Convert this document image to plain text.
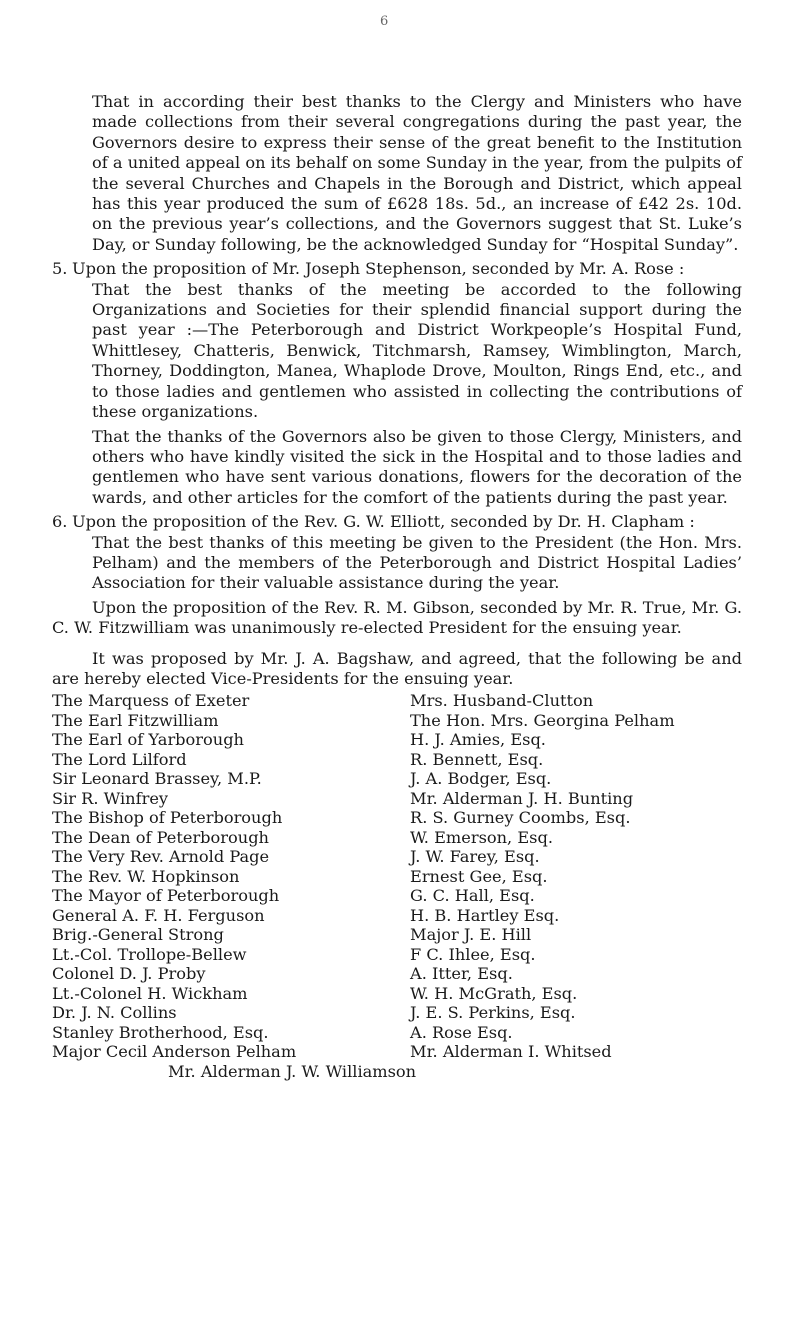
6

That in according their best thanks to the Clergy and Ministers who have made collections from their several congregations during the past year, the Governors desire to express their sense of the great benefit to the Institution of a united appeal on its behalf on some Sunday in the year, from the pulpits of the several Churches and Chapels in the Borough and District, which appeal has this year produced the sum of £628 18s. 5d., an increase of £42 2s. 10d. on the previous year’s collections, and the Governors suggest that St. Luke’s Day, or Sunday following, be the acknowledged Sunday for “Hospital Sunday”.

5. Upon the proposition of Mr. Joseph Stephenson, seconded by Mr. A. Rose :

That the best thanks of the meeting be accorded to the following Organizations and Societies for their splendid financial support during the past year :—The Peterborough and District Workpeople’s Hospital Fund, Whittlesey, Chatteris, Benwick, Titchmarsh, Ramsey, Wimblington, March, Thorney, Doddington, Manea, Whaplode Drove, Moulton, Rings End, etc., and to those ladies and gentlemen who assisted in collecting the contributions of these organizations.

That the thanks of the Governors also be given to those Clergy, Ministers, and others who have kindly visited the sick in the Hospital and to those ladies and gentlemen who have sent various donations, flowers for the decoration of the wards, and other articles for the comfort of the patients during the past year.

6. Upon the proposition of the Rev. G. W. Elliott, seconded by Dr. H. Clapham :

That the best thanks of this meeting be given to the President (the Hon. Mrs. Pelham) and the members of the Peterborough and District Hospital Ladies’ Association for their valuable assistance during the year.

Upon the proposition of the Rev. R. M. Gibson, seconded by Mr. R. True, Mr. G. C. W. Fitzwilliam was unanimously re-elected President for the ensuing year.

It was proposed by Mr. J. A. Bagshaw, and agreed, that the following be and are hereby elected Vice-Presidents for the ensuing year.

The Marquess of Exeter
The Earl Fitzwilliam
The Earl of Yarborough
The Lord Lilford
Sir Leonard Brassey, M.P.
Sir R. Winfrey
The Bishop of Peterborough
The Dean of Peterborough
The Very Rev. Arnold Page
The Rev. W. Hopkinson
The Mayor of Peterborough
General A. F. H. Ferguson
Brig.-General Strong
Lt.-Col. Trollope-Bellew
Colonel D. J. Proby
Lt.-Colonel H. Wickham
Dr. J. N. Collins
Stanley Brotherhood, Esq.
Major Cecil Anderson Pelham
Mrs. Husband-Clutton
The Hon. Mrs. Georgina Pelham
H. J. Amies, Esq.
R. Bennett, Esq.
J. A. Bodger, Esq.
Mr. Alderman J. H. Bunting
R. S. Gurney Coombs, Esq.
W. Emerson, Esq.
J. W. Farey, Esq.
Ernest Gee, Esq.
G. C. Hall, Esq.
H. B. Hartley Esq.
Major J. E. Hill
F C. Ihlee, Esq.
A. Itter, Esq.
W. H. McGrath, Esq.
J. E. S. Perkins, Esq.
A. Rose Esq.
Mr. Alderman I. Whitsed
Mr. Alderman J. W. Williamson
